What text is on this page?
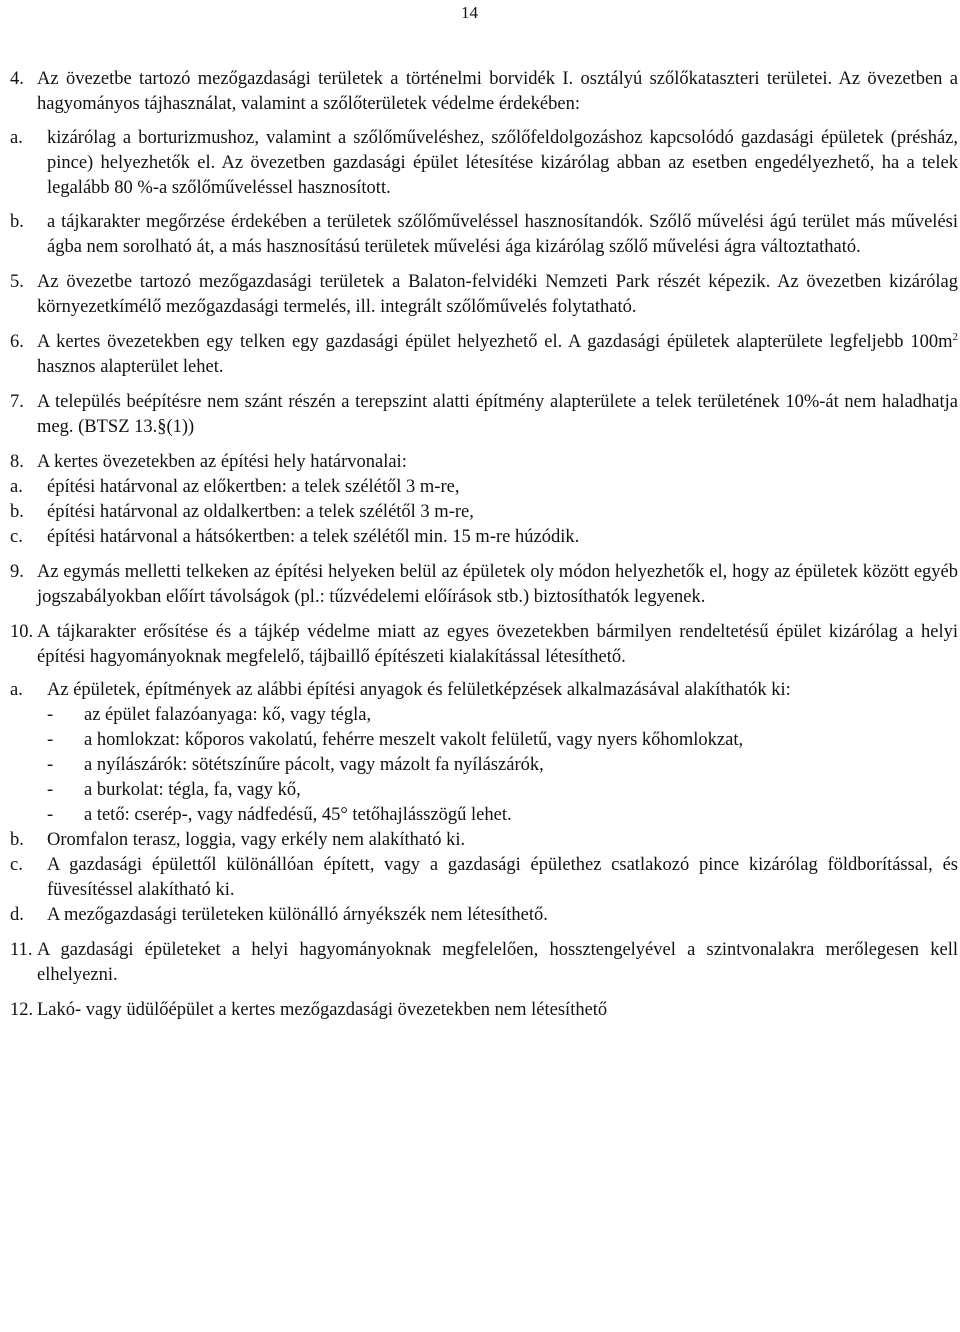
14
4. Az övezetbe tartozó mezőgazdasági területek a történelmi borvidék I. osztályú szőlőkataszteri területei. Az övezetben a hagyományos tájhasználat, valamint a szőlőterületek védelme érdekében:
a.	kizárólag a borturizmushoz, valamint a szőlőműveléshez, szőlőfeldolgozáshoz kapcsolódó gazdasági épületek (présház, pince) helyezhetők el. Az övezetben gazdasági épület létesítése kizárólag abban az esetben engedélyezhető, ha a telek legalább 80 %-a szőlőműveléssel hasznosított.
b.	a tájkarakter megőrzése érdekében a területek szőlőműveléssel hasznosítandók. Szőlő művelési ágú terület más művelési ágba nem sorolható át, a más hasznosítású területek művelési ága kizárólag szőlő művelési ágra változtatható.
5. Az övezetbe tartozó mezőgazdasági területek a Balaton-felvidéki Nemzeti Park részét képezik. Az övezetben kizárólag környezetkímélő mezőgazdasági termelés, ill. integrált szőlőművelés folytatható.
6. A kertes övezetekben egy telken egy gazdasági épület helyezhető el. A gazdasági épületek alapterülete legfeljebb $100m^2$ hasznos alapterület lehet.
7. A település beépítésre nem szánt részén a terepszint alatti építmény alapterülete a telek területének 10%-át nem haladhatja meg. (BTSZ 13.§(1))
8. A kertes övezetekben az építési hely határvonalai:
a.	építési határvonal az előkertben: a telek szélétől 3 m-re,
b.	építési határvonal az oldalkertben: a telek szélétől 3 m-re,
c.	építési határvonal a hátsókertben: a telek szélétől min. 15 m-re húzódik.
9. Az egymás melletti telkeken az építési helyeken belül az épületek oly módon helyezhetők el, hogy az épületek között egyéb jogszabályokban előírt távolságok (pl.: tűzvédelemi előírások stb.) biztosíthatók legyenek.
10. A tájkarakter erősítése és a tájkép védelme miatt az egyes övezetekben bármilyen rendeltetésű épület kizárólag a helyi építési hagyományoknak megfelelő, tájbaillő építészeti kialakítással létesíthető.
a.	Az épületek, építmények az alábbi építési anyagok és felületképzések alkalmazásával alakíthatók ki:
-	az épület falazóanyaga: kő, vagy tégla,
-	a homlokzat: kőporos vakolatú, fehérre meszelt vakolt felületű, vagy nyers kőhomlokzat,
-	a nyílászárók: sötétszínűre pácolt, vagy mázolt fa nyílászárók,
-	a burkolat: tégla, fa, vagy kő,
-	a tető: cserép-, vagy nádfedésű, 45° tetőhajlásszögű lehet.
b.	Oromfalon terasz, loggia, vagy erkély nem alakítható ki.
c.	A gazdasági épülettől különállóan épített, vagy a gazdasági épülethez csatlakozó pince kizárólag földborítással, és füvesítéssel alakítható ki.
d.	A mezőgazdasági területeken különálló árnyékszék nem létesíthető.
11. A gazdasági épületeket a helyi hagyományoknak megfelelően, hossztengelyével a szintvonalakra merőlegesen kell elhelyezni.
12. Lakó- vagy üdülőépület a kertes mezőgazdasági övezetekben nem létesíthető
